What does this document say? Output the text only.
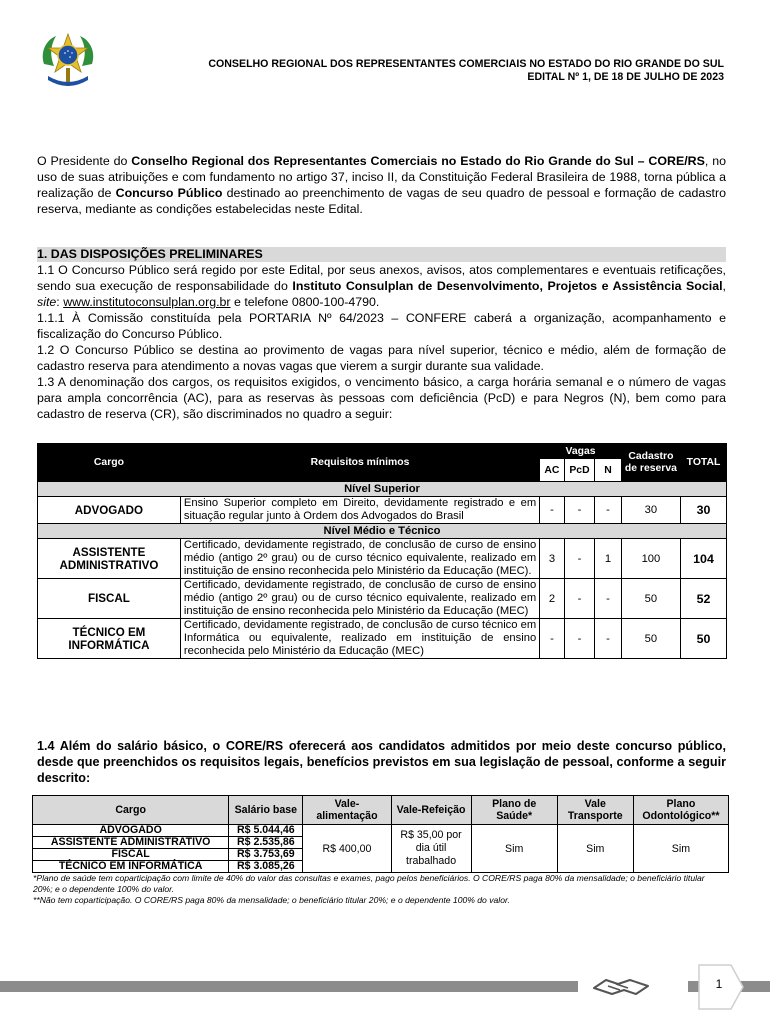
CONSELHO REGIONAL DOS REPRESENTANTES COMERCIAIS NO ESTADO DO RIO GRANDE DO SUL
EDITAL Nº 1, DE 18 DE JULHO DE 2023
O Presidente do Conselho Regional dos Representantes Comerciais no Estado do Rio Grande do Sul – CORE/RS, no uso de suas atribuições e com fundamento no artigo 37, inciso II, da Constituição Federal Brasileira de 1988, torna pública a realização de Concurso Público destinado ao preenchimento de vagas de seu quadro de pessoal e formação de cadastro reserva, mediante as condições estabelecidas neste Edital.
1. DAS DISPOSIÇÕES PRELIMINARES

1.1 O Concurso Público será regido por este Edital, por seus anexos, avisos, atos complementares e eventuais retificações, sendo sua execução de responsabilidade do Instituto Consulplan de Desenvolvimento, Projetos e Assistência Social, site: www.institutoconsulplan.org.br e telefone 0800-100-4790.

1.1.1 À Comissão constituída pela PORTARIA Nº 64/2023 – CONFERE caberá a organização, acompanhamento e fiscalização do Concurso Público.

1.2 O Concurso Público se destina ao provimento de vagas para nível superior, técnico e médio, além de formação de cadastro reserva para atendimento a novas vagas que vierem a surgir durante sua validade.

1.3 A denominação dos cargos, os requisitos exigidos, o vencimento básico, a carga horária semanal e o número de vagas para ampla concorrência (AC), para as reservas às pessoas com deficiência (PcD) e para Negros (N), bem como para cadastro de reserva (CR), são discriminados no quadro a seguir:

Cargo	Requisitos mínimos	Vagas			Cadastro de reserva	TOTAL
		AC	PcD	N		
Nível Superior						
ADVOGADO	Ensino Superior completo em Direito, devidamente registrado e em situação regular junto à Ordem dos Advogados do Brasil	-	-	-	30	30
Nível Médio e Técnico						
ASSISTENTE ADMINISTRATIVO	Certificado, devidamente registrado, de conclusão de curso de ensino médio (antigo 2º grau) ou de curso técnico equivalente, realizado em instituição de ensino reconhecida pelo Ministério da Educação (MEC).	3	-	1	100	104
FISCAL	Certificado, devidamente registrado, de conclusão de curso de ensino médio (antigo 2º grau) ou de curso técnico equivalente, realizado em instituição de ensino reconhecida pelo Ministério da Educação (MEC)	2	-	-	50	52
TÉCNICO EM INFORMÁTICA	Certificado, devidamente registrado, de conclusão de curso técnico em Informática ou equivalente, realizado em instituição de ensino reconhecida pelo Ministério da Educação (MEC)	-	-	-	50	50
1.4 Além do salário básico, o CORE/RS oferecerá aos candidatos admitidos por meio deste concurso público, desde que preenchidos os requisitos legais, benefícios previstos em sua legislação de pessoal, conforme a seguir descrito:
Cargo	Salário base	Vale-alimentação	Vale-Refeição	Plano de Saúde*	Vale Transporte	Plano Odontológico**
ADVOGADO	R$ 5.044,46	R$ 400,00	R$ 35,00 por dia útil trabalhado	Sim	Sim	Sim
ASSISTENTE ADMINISTRATIVO	R$ 2.535,86					
FISCAL	R$ 3.753,69					
TÉCNICO EM INFORMÁTICA	R$ 3.085,26					
*Plano de saúde tem coparticipação com limite de 40% do valor das consultas e exames, pago pelos beneficiários. O CORE/RS paga 80% da mensalidade; o beneficiário titular 20%; e o dependente 100% do valor.
**Não tem coparticipação. O CORE/RS paga 80% da mensalidade; o beneficiário titular 20%; e o dependente 100% do valor.
1
